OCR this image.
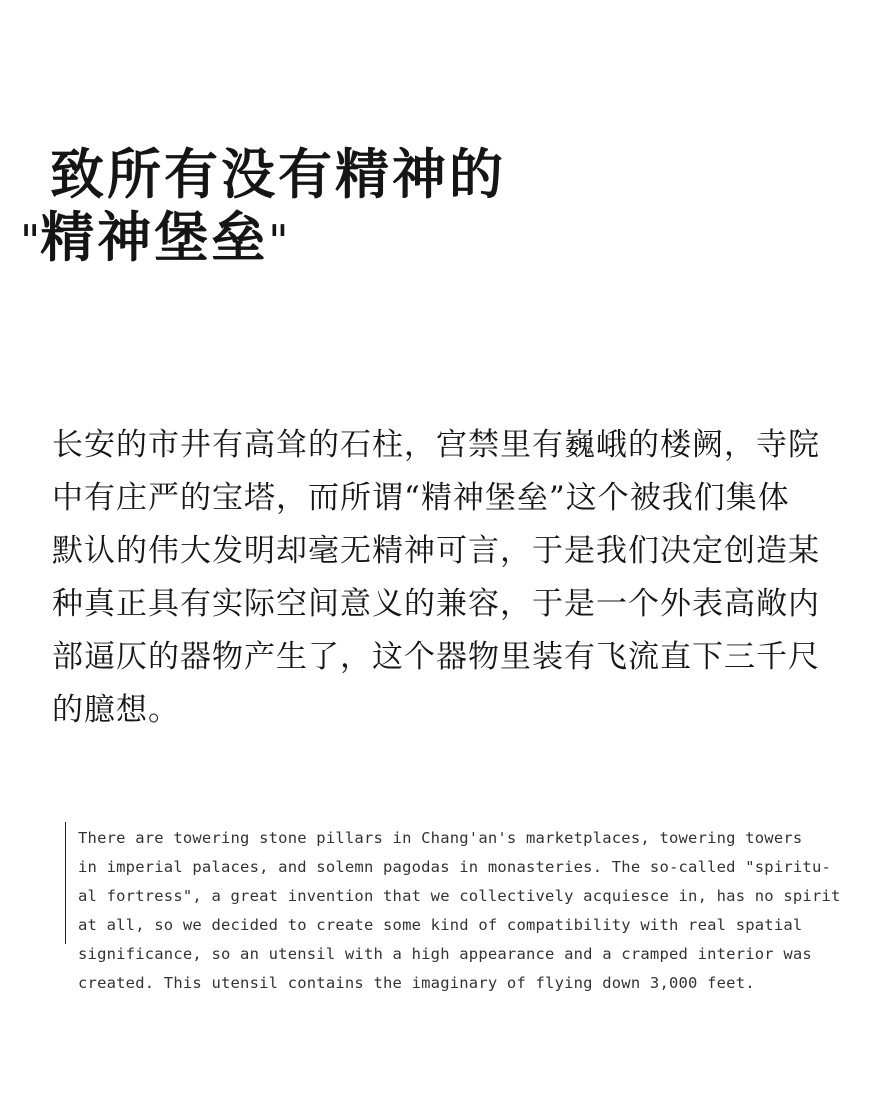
致所有没有精神的
"精神堡垒"

长安的市井有高耸的石柱，宫禁里有巍峨的楼阙，寺院
中有庄严的宝塔，而所谓“精神堡垒”这个被我们集体
默认的伟大发明却毫无精神可言，于是我们决定创造某
种真正具有实际空间意义的兼容，于是一个外表高敞内
部逼仄的器物产生了，这个器物里装有飞流直下三千尺
的臆想。

There are towering stone pillars in Chang'an's marketplaces, towering towers
in imperial palaces, and solemn pagodas in monasteries. The so-called "spiritu-
al fortress", a great invention that we collectively acquiesce in, has no spirit
at all, so we decided to create some kind of compatibility with real spatial
significance, so an utensil with a high appearance and a cramped interior was
created. This utensil contains the imaginary of flying down 3,000 feet.
